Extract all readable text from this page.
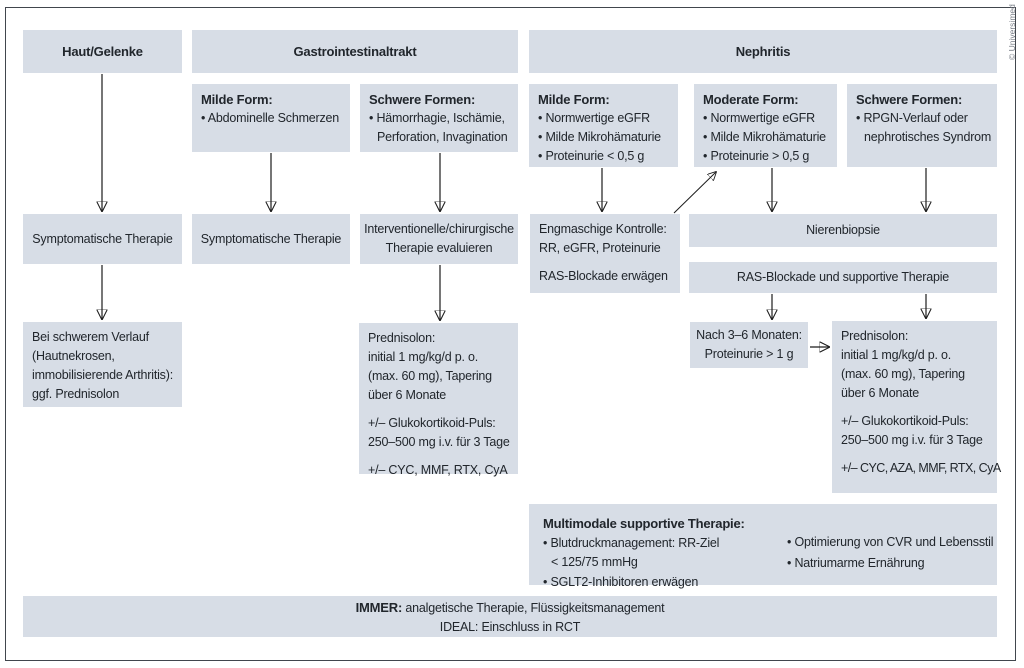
Haut/Gelenke	Gastrointestinaltrakt	Nephritis
Milde Form:
• Abdominelle Schmerzen
Schwere Formen:
• Hämorrhagie, Ischämie,
Perforation, Invagination
Milde Form:
• Normwertige eGFR
• Milde Mikrohämaturie
• Proteinurie < 0,5 g
Moderate Form:
• Normwertige eGFR
• Milde Mikrohämaturie
• Proteinurie > 0,5 g
Schwere Formen:
• RPGN-Verlauf oder
nephrotisches Syndrom
Symptomatische Therapie Symptomatische Therapie
Interventionelle/chirurgische
Therapie evaluieren
Engmaschige Kontrolle:
RR, eGFR, Proteinurie
RAS-Blockade erwägen
Nierenbiopsie
RAS-Blockade und supportive Therapie
Bei schwerem Verlauf
(Hautnekrosen,
immobilisierende Arthritis):
ggf. Prednisolon
Prednisolon:
initial 1 mg/kg/d p. o.
(max. 60 mg), Tapering
über 6 Monate
+/– Glukokortikoid-Puls:
250–500 mg i.v. für 3 Tage
+/– CYC, MMF, RTX, CyA
Nach 3–6 Monaten:
Proteinurie > 1 g
Prednisolon:
initial 1 mg/kg/d p. o.
(max. 60 mg), Tapering
über 6 Monate
+/– Glukokortikoid-Puls:
250–500 mg i.v. für 3 Tage
+/– CYC, AZA, MMF, RTX, CyA
Multimodale supportive Therapie:
• Blutdruckmanagement: RR-Ziel
< 125/75 mmHg
• SGLT2-Inhibitoren erwägen
• Optimierung von CVR und Lebensstil
• Natriumarme Ernährung
IMMER: analgetische Therapie, Flüssigkeitsmanagement
IDEAL: Einschluss in RCT
© Universimed
